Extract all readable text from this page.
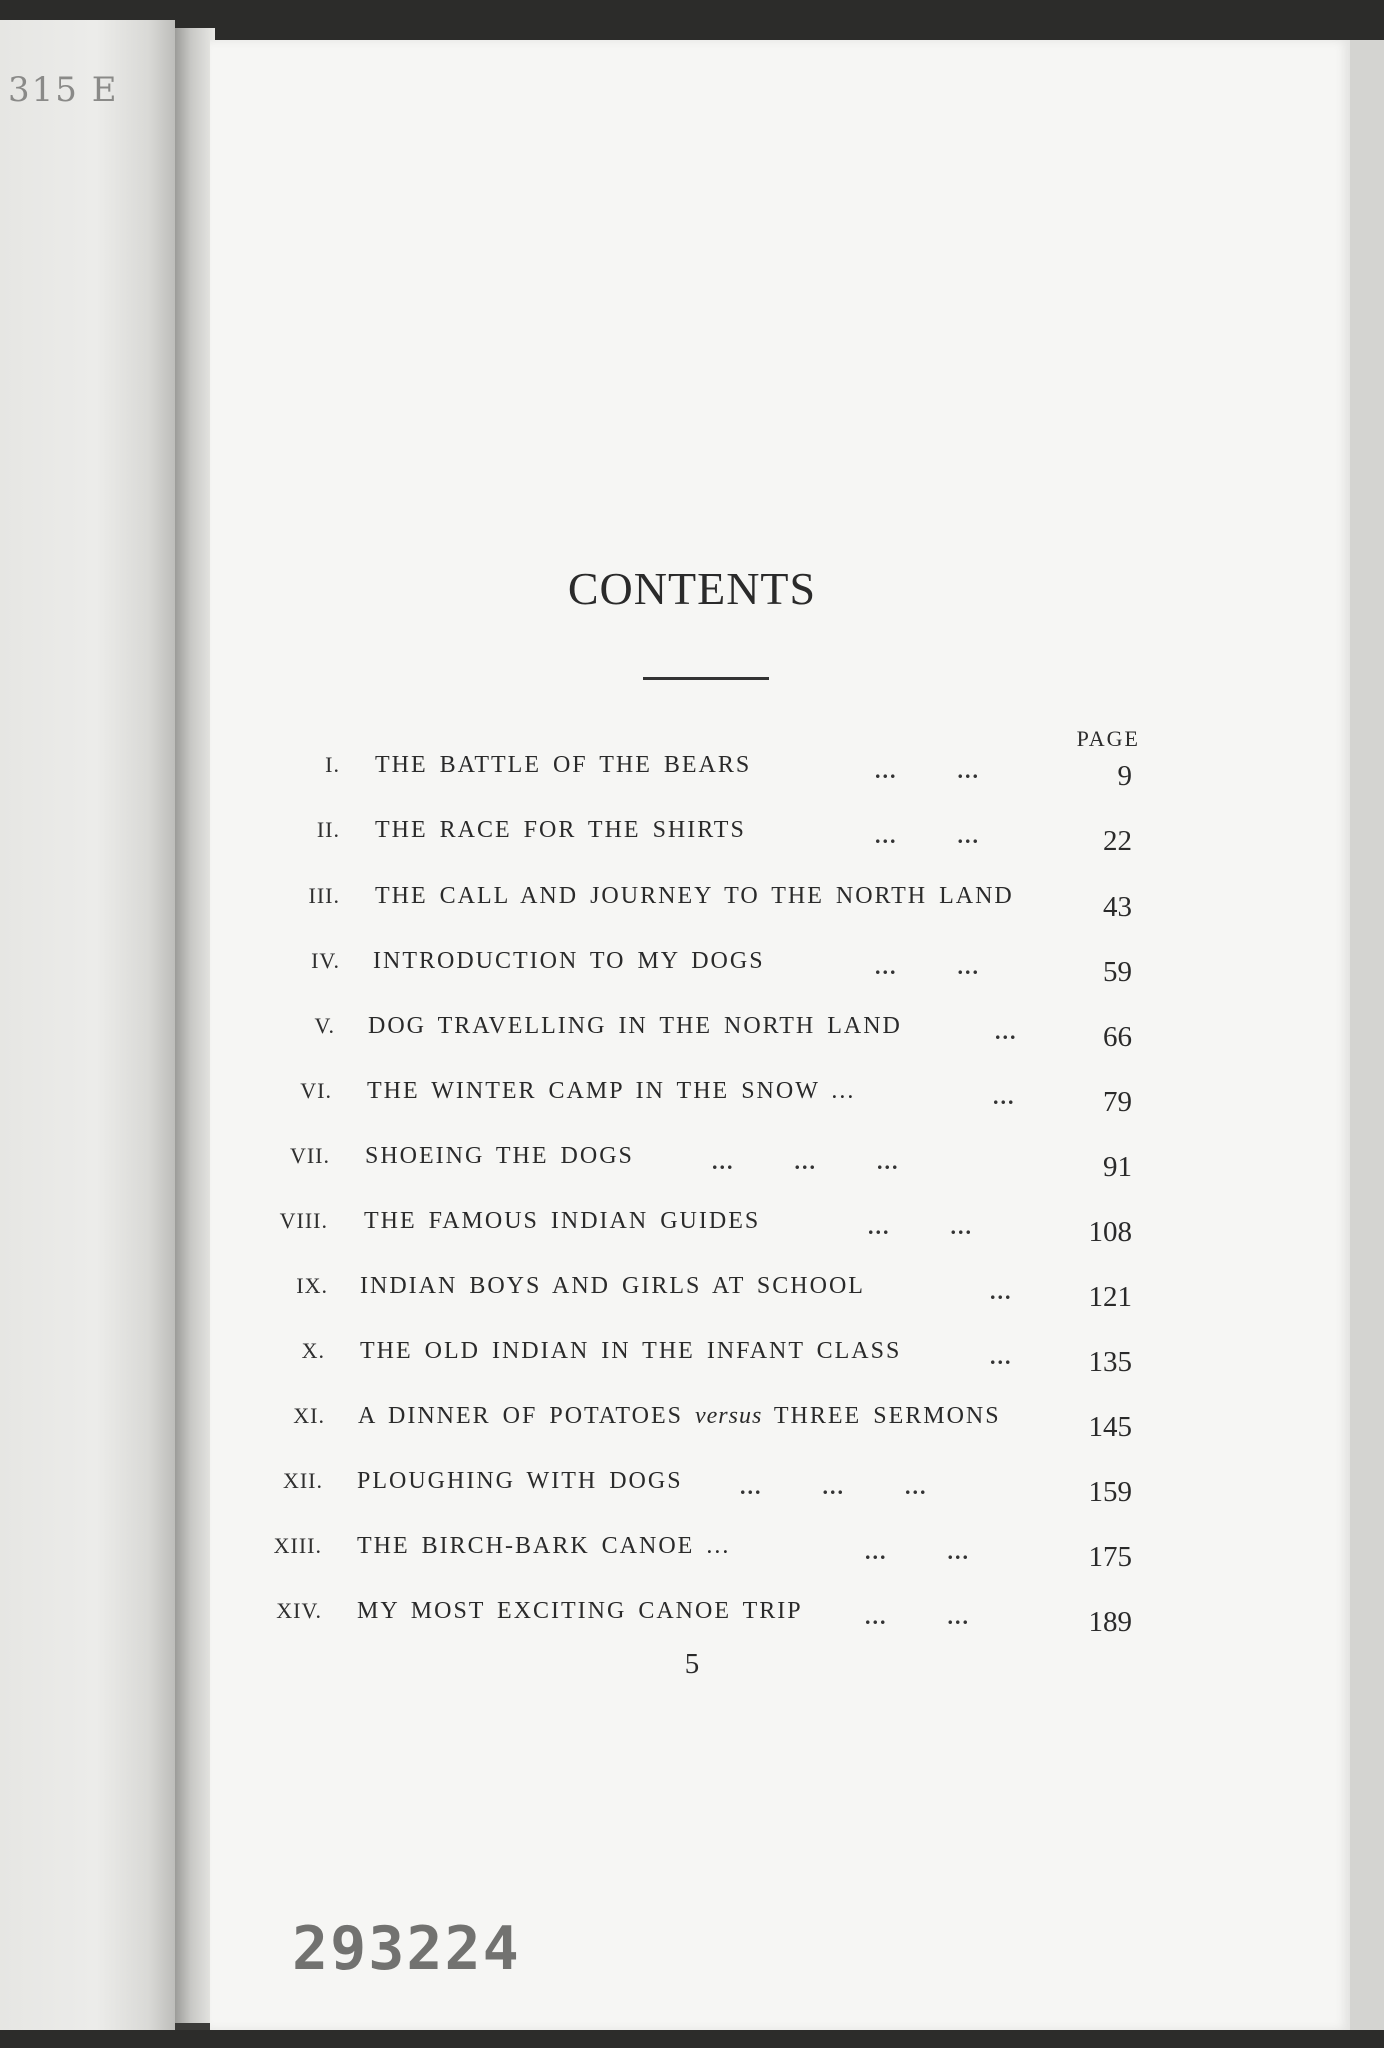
315 E
CONTENTS
PAGE
I. THE BATTLE OF THE BEARS	...        ...	9
II. THE RACE FOR THE SHIRTS	...        ...	22
III. THE CALL AND JOURNEY TO THE NORTH LAND	43
IV. INTRODUCTION TO MY DOGS	...        ...	59
V. DOG TRAVELLING IN THE NORTH LAND	...	66
VI. THE WINTER CAMP IN THE SNOW ...	...	79
VII. SHOEING THE DOGS	...        ...        ...	91
VIII. THE FAMOUS INDIAN GUIDES	...        ...	108
IX. INDIAN BOYS AND GIRLS AT SCHOOL	...	121
X. THE OLD INDIAN IN THE INFANT CLASS	...	135
XI. A DINNER OF POTATOES versus THREE SERMONS	145
XII. PLOUGHING WITH DOGS	...        ...        ...	159
XIII. THE BIRCH-BARK CANOE ...	...        ...	175
XIV. MY MOST EXCITING CANOE TRIP	...        ...	189
5
293224
